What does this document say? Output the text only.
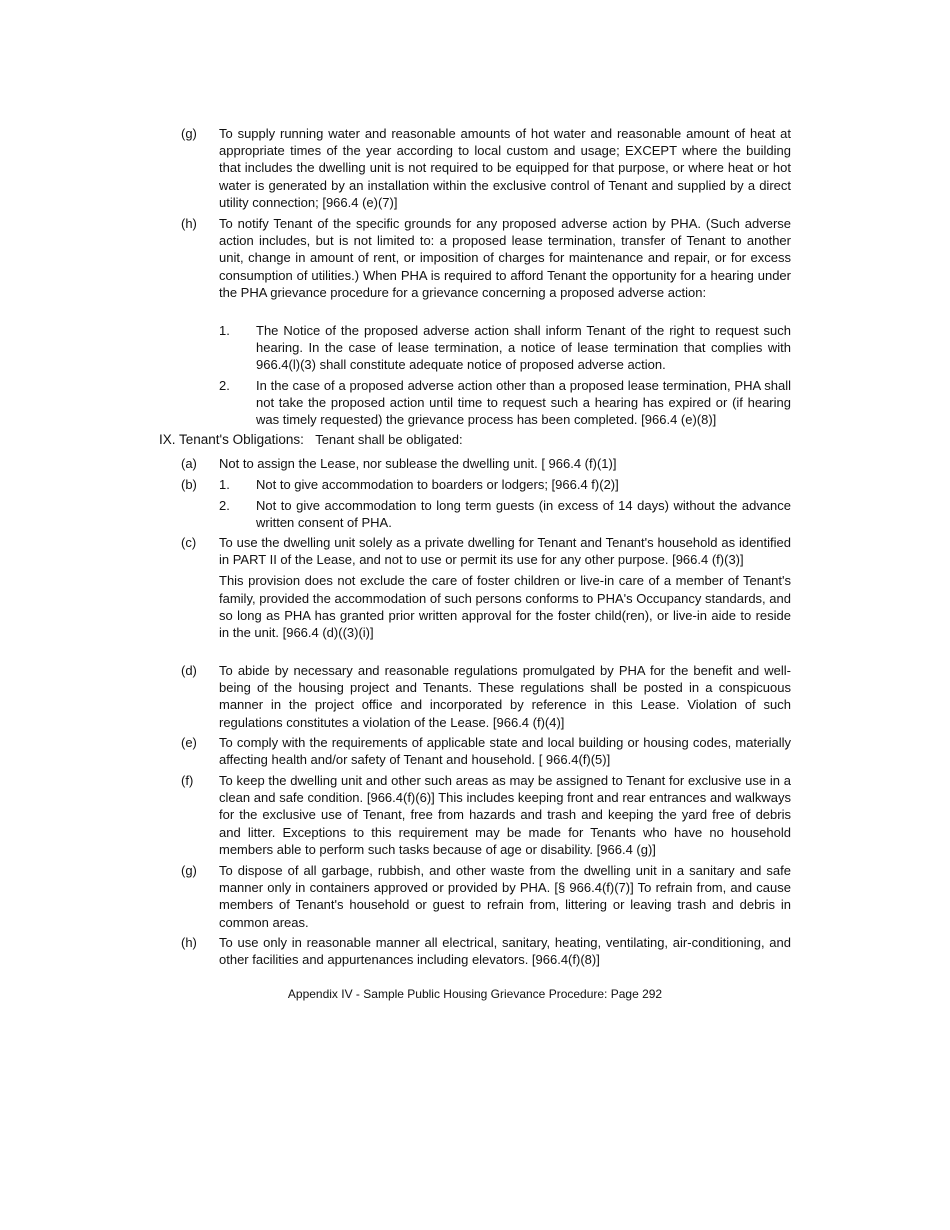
(g) To supply running water and reasonable amounts of hot water and reasonable amount of heat at appropriate times of the year according to local custom and usage; EXCEPT where the building that includes the dwelling unit is not required to be equipped for that purpose, or where heat or hot water is generated by an installation within the exclusive control of Tenant and supplied by a direct utility connection; [966.4 (e)(7)]
(h) To notify Tenant of the specific grounds for any proposed adverse action by PHA. (Such adverse action includes, but is not limited to: a proposed lease termination, transfer of Tenant to another unit, change in amount of rent, or imposition of charges for maintenance and repair, or for excess consumption of utilities.) When PHA is required to afford Tenant the opportunity for a hearing under the PHA grievance procedure for a grievance concerning a proposed adverse action:
1. The Notice of the proposed adverse action shall inform Tenant of the right to request such hearing. In the case of lease termination, a notice of lease termination that complies with 966.4(l)(3) shall constitute adequate notice of proposed adverse action.
2. In the case of a proposed adverse action other than a proposed lease termination, PHA shall not take the proposed action until time to request such a hearing has expired or (if hearing was timely requested) the grievance process has been completed. [966.4 (e)(8)]
IX. Tenant's Obligations: Tenant shall be obligated:
(a) Not to assign the Lease, nor sublease the dwelling unit. [ 966.4 (f)(1)]
(b) 1. Not to give accommodation to boarders or lodgers; [966.4 f)(2)]
2. Not to give accommodation to long term guests (in excess of 14 days) without the advance written consent of PHA.
(c) To use the dwelling unit solely as a private dwelling for Tenant and Tenant's household as identified in PART II of the Lease, and not to use or permit its use for any other purpose. [966.4 (f)(3)]
This provision does not exclude the care of foster children or live-in care of a member of Tenant's family, provided the accommodation of such persons conforms to PHA's Occupancy standards, and so long as PHA has granted prior written approval for the foster child(ren), or live-in aide to reside in the unit. [966.4 (d)((3)(i)]
(d) To abide by necessary and reasonable regulations promulgated by PHA for the benefit and well-being of the housing project and Tenants. These regulations shall be posted in a conspicuous manner in the project office and incorporated by reference in this Lease. Violation of such regulations constitutes a violation of the Lease. [966.4 (f)(4)]
(e) To comply with the requirements of applicable state and local building or housing codes, materially affecting health and/or safety of Tenant and household. [ 966.4(f)(5)]
(f) To keep the dwelling unit and other such areas as may be assigned to Tenant for exclusive use in a clean and safe condition. [966.4(f)(6)] This includes keeping front and rear entrances and walkways for the exclusive use of Tenant, free from hazards and trash and keeping the yard free of debris and litter. Exceptions to this requirement may be made for Tenants who have no household members able to perform such tasks because of age or disability. [966.4 (g)]
(g) To dispose of all garbage, rubbish, and other waste from the dwelling unit in a sanitary and safe manner only in containers approved or provided by PHA. [§ 966.4(f)(7)] To refrain from, and cause members of Tenant's household or guest to refrain from, littering or leaving trash and debris in common areas.
(h) To use only in reasonable manner all electrical, sanitary, heating, ventilating, air-conditioning, and other facilities and appurtenances including elevators. [966.4(f)(8)]
Appendix IV - Sample Public Housing Grievance Procedure: Page 292
